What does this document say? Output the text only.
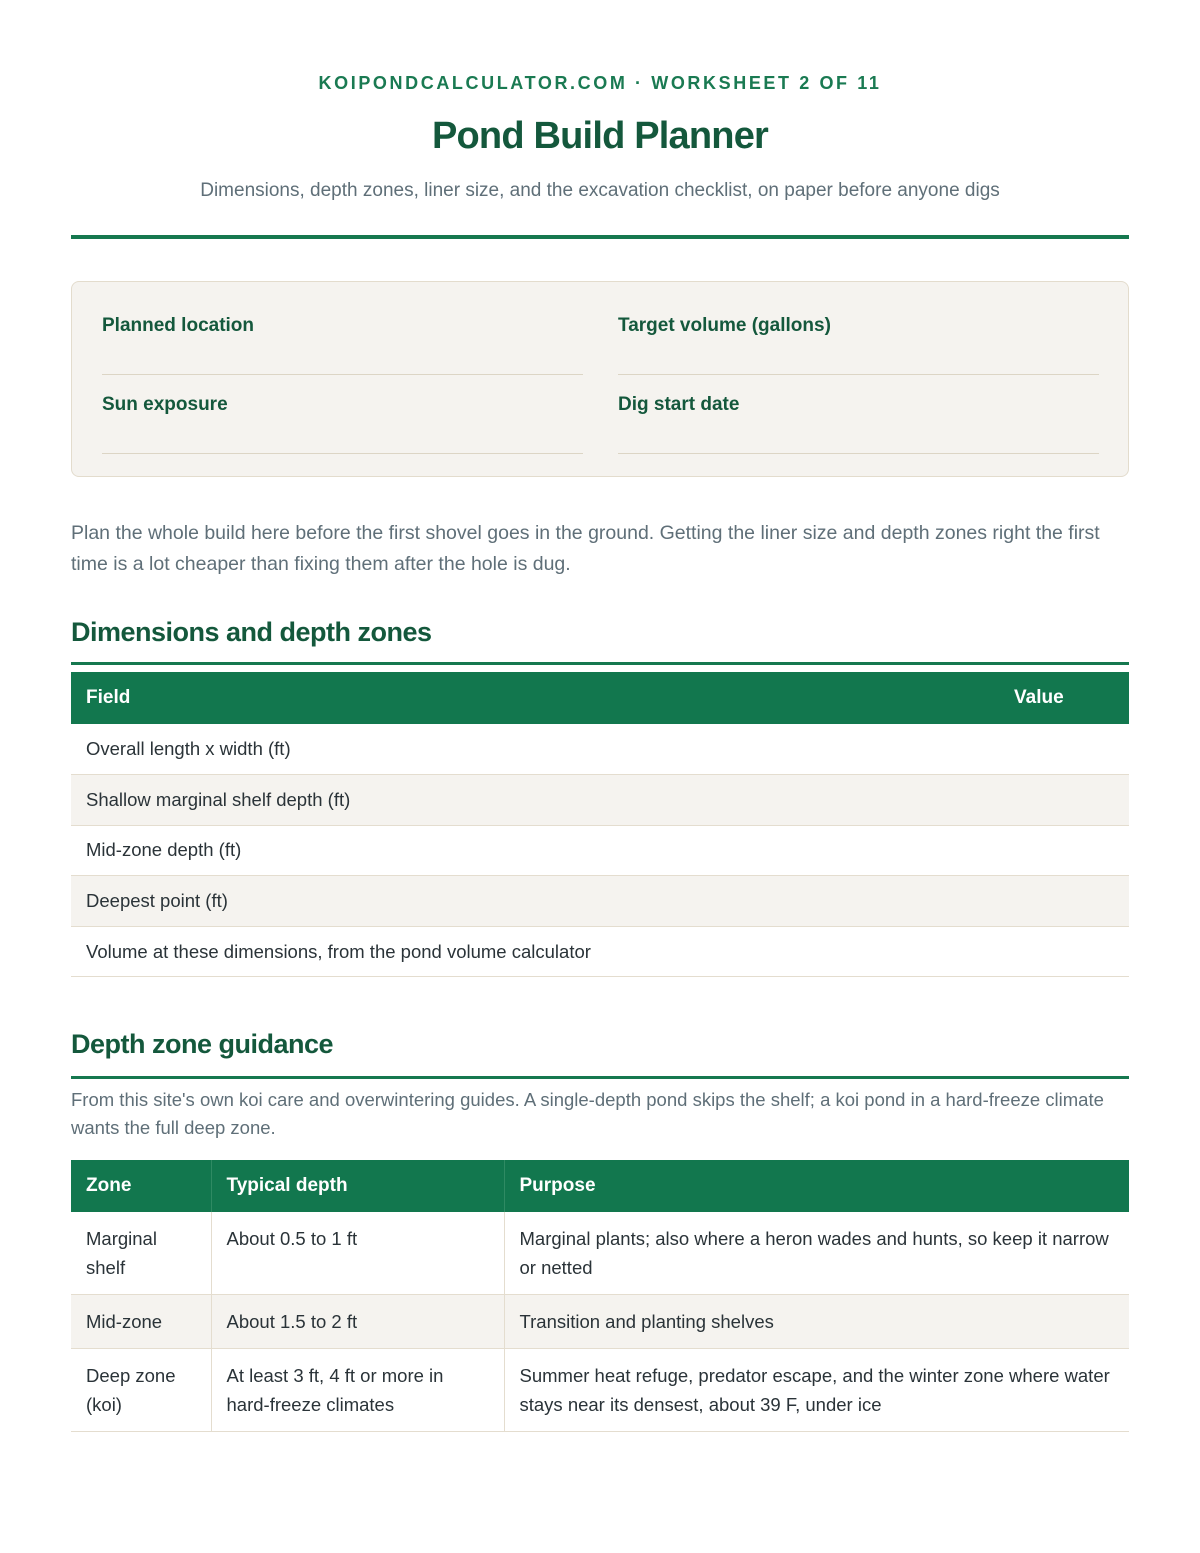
KOIPONDCALCULATOR.COM · WORKSHEET 2 OF 11
Pond Build Planner
Dimensions, depth zones, liner size, and the excavation checklist, on paper before anyone digs
Planned location	Target volume (gallons)
Sun exposure	Dig start date

Plan the whole build here before the first shovel goes in the ground. Getting the liner size and depth zones right the first time is a lot cheaper than fixing them after the hole is dug.

Dimensions and depth zones
Field	Value
Overall length x width (ft)	
Shallow marginal shelf depth (ft)	
Mid-zone depth (ft)	
Deepest point (ft)	
Volume at these dimensions, from the pond volume calculator	
Depth zone guidance

From this site's own koi care and overwintering guides. A single-depth pond skips the shelf; a koi pond in a hard-freeze climate wants the full deep zone.

Zone	Typical depth	Purpose
Marginal shelf	About 0.5 to 1 ft	Marginal plants; also where a heron wades and hunts, so keep it narrow or netted
Mid-zone	About 1.5 to 2 ft	Transition and planting shelves
Deep zone (koi)	At least 3 ft, 4 ft or more in hard-freeze climates	Summer heat refuge, predator escape, and the winter zone where water stays near its densest, about 39 F, under ice
